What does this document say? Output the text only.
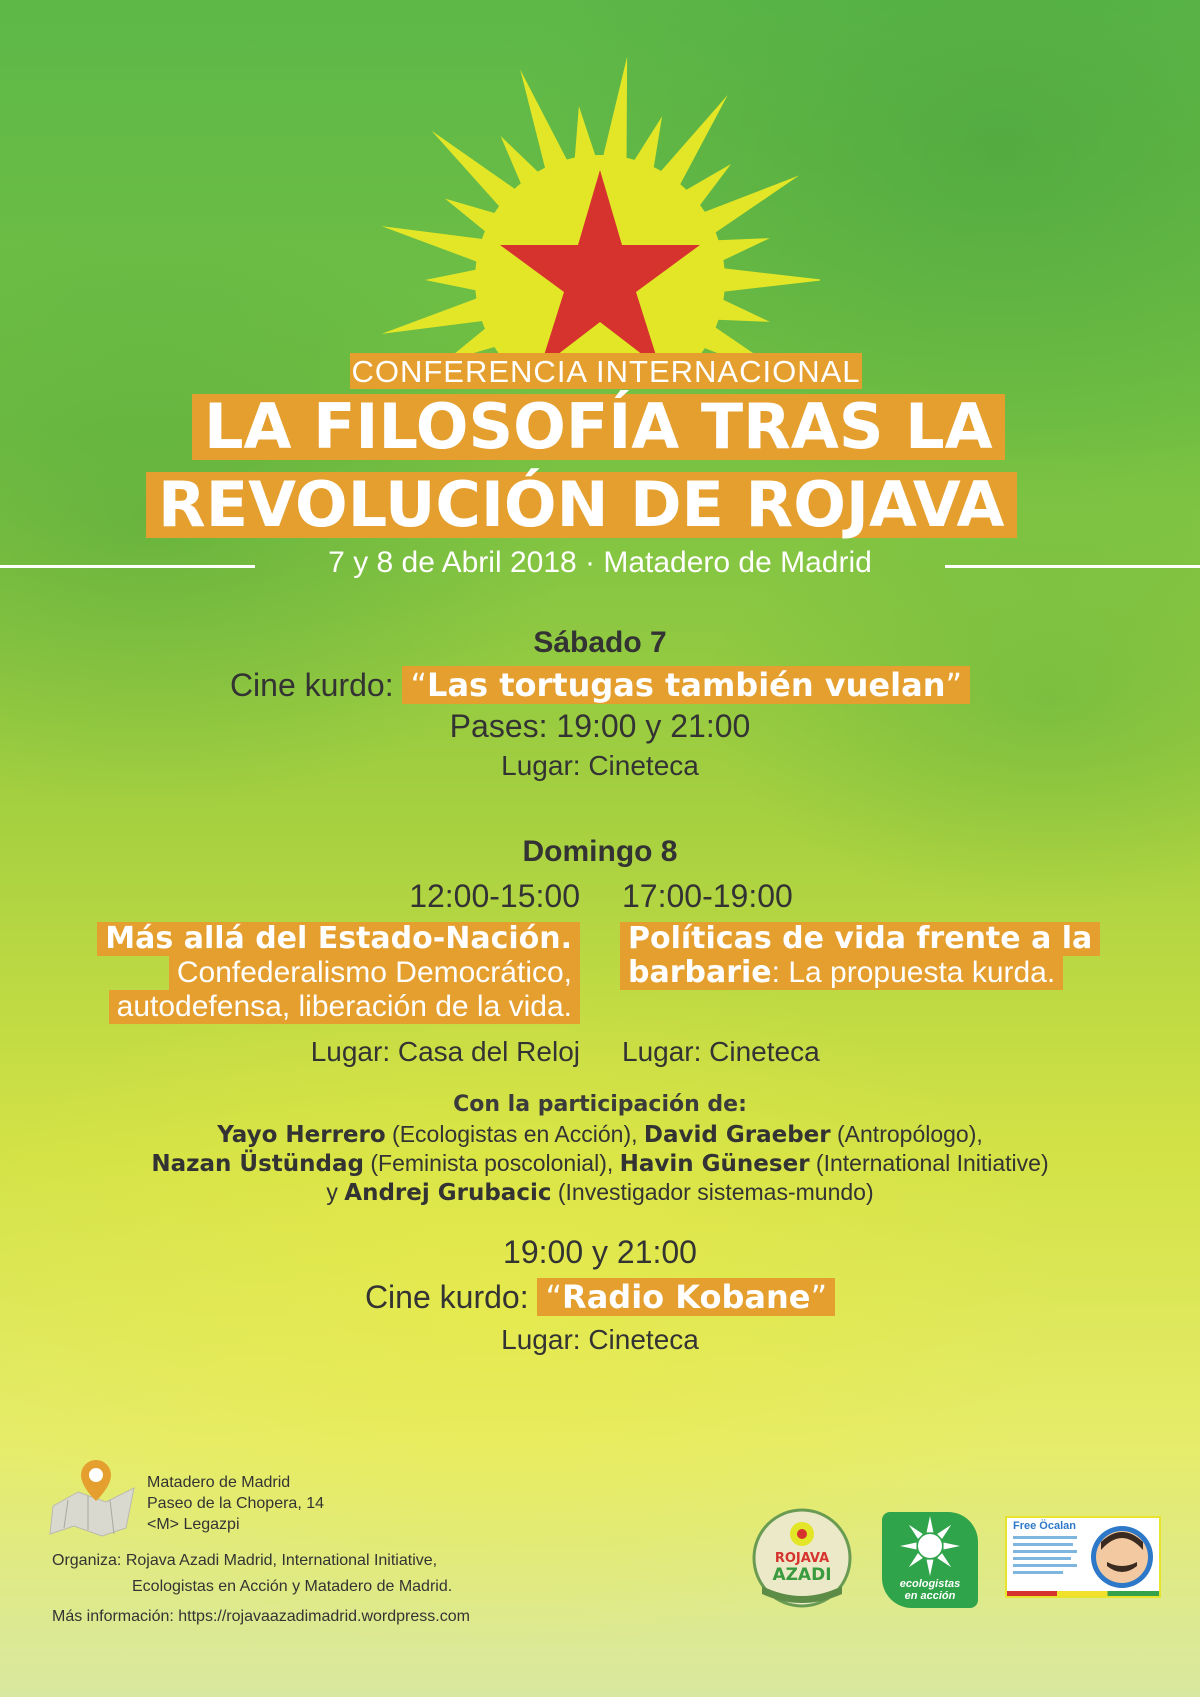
CONFERENCIA INTERNACIONAL
LA FILOSOFÍA TRAS LA
REVOLUCIÓN DE ROJAVA
7 y 8 de Abril 2018 · Matadero de Madrid
Sábado 7
Cine kurdo: “Las tortugas también vuelan”
Pases: 19:00 y 21:00
Lugar: Cineteca
Domingo 8
12:00-15:00 17:00-19:00
Más allá del Estado-Nación.
Confederalismo Democrático,
autodefensa, liberación de la vida.
Políticas de vida frente a la
barbarie: La propuesta kurda.
Lugar: Casa del Reloj Lugar: Cineteca
Con la participación de:
Yayo Herrero (Ecologistas en Acción), David Graeber (Antropólogo),
Nazan Üstündag (Feminista poscolonial), Havin Güneser (International Initiative)
y Andrej Grubacic (Investigador sistemas-mundo)
19:00 y 21:00
Cine kurdo: “Radio Kobane”
Lugar: Cineteca
Matadero de Madrid
Paseo de la Chopera, 14
<M> Legazpi
Organiza: Rojava Azadi Madrid, International Initiative,
Ecologistas en Acción y Matadero de Madrid.
Más información: https://rojavaazadimadrid.wordpress.com
ROJAVA
AZADI	ecologistas
en acción
Free Öcalan
